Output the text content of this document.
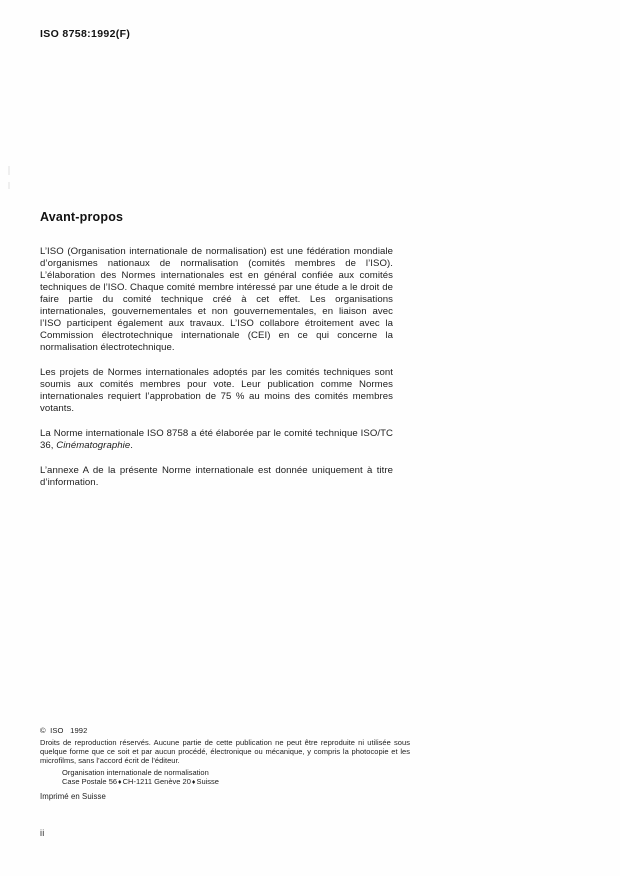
ISO 8758:1992(F)
Avant-propos

L’ISO (Organisation internationale de normalisation) est une fédération mondiale d’organismes nationaux de normalisation (comités membres de l’ISO). L’élaboration des Normes internationales est en général confiée aux comités techniques de l’ISO. Chaque comité membre intéressé par une étude a le droit de faire partie du comité technique créé à cet effet. Les organisations internationales, gouvernementales et non gouvernementales, en liaison avec l’ISO participent également aux travaux. L’ISO collabore étroitement avec la Commission électrotechnique internationale (CEI) en ce qui concerne la normalisation électrotechnique.

Les projets de Normes internationales adoptés par les comités techniques sont soumis aux comités membres pour vote. Leur publication comme Normes internationales requiert l’approbation de 75 % au moins des comités membres votants.

La Norme internationale ISO 8758 a été élaborée par le comité technique ISO/TC 36, Cinématographie.

L’annexe A de la présente Norme internationale est donnée uniquement à titre d’information.

©  ISO   1992

Droits de reproduction réservés. Aucune partie de cette publication ne peut être reproduite ni utilisée sous quelque forme que ce soit et par aucun procédé, électronique ou mécanique, y compris la photocopie et les microfilms, sans l’accord écrit de l’éditeur.

Organisation internationale de normalisation
Case Postale 56♦CH-1211 Genève 20♦Suisse
Imprimé en Suisse
ii
